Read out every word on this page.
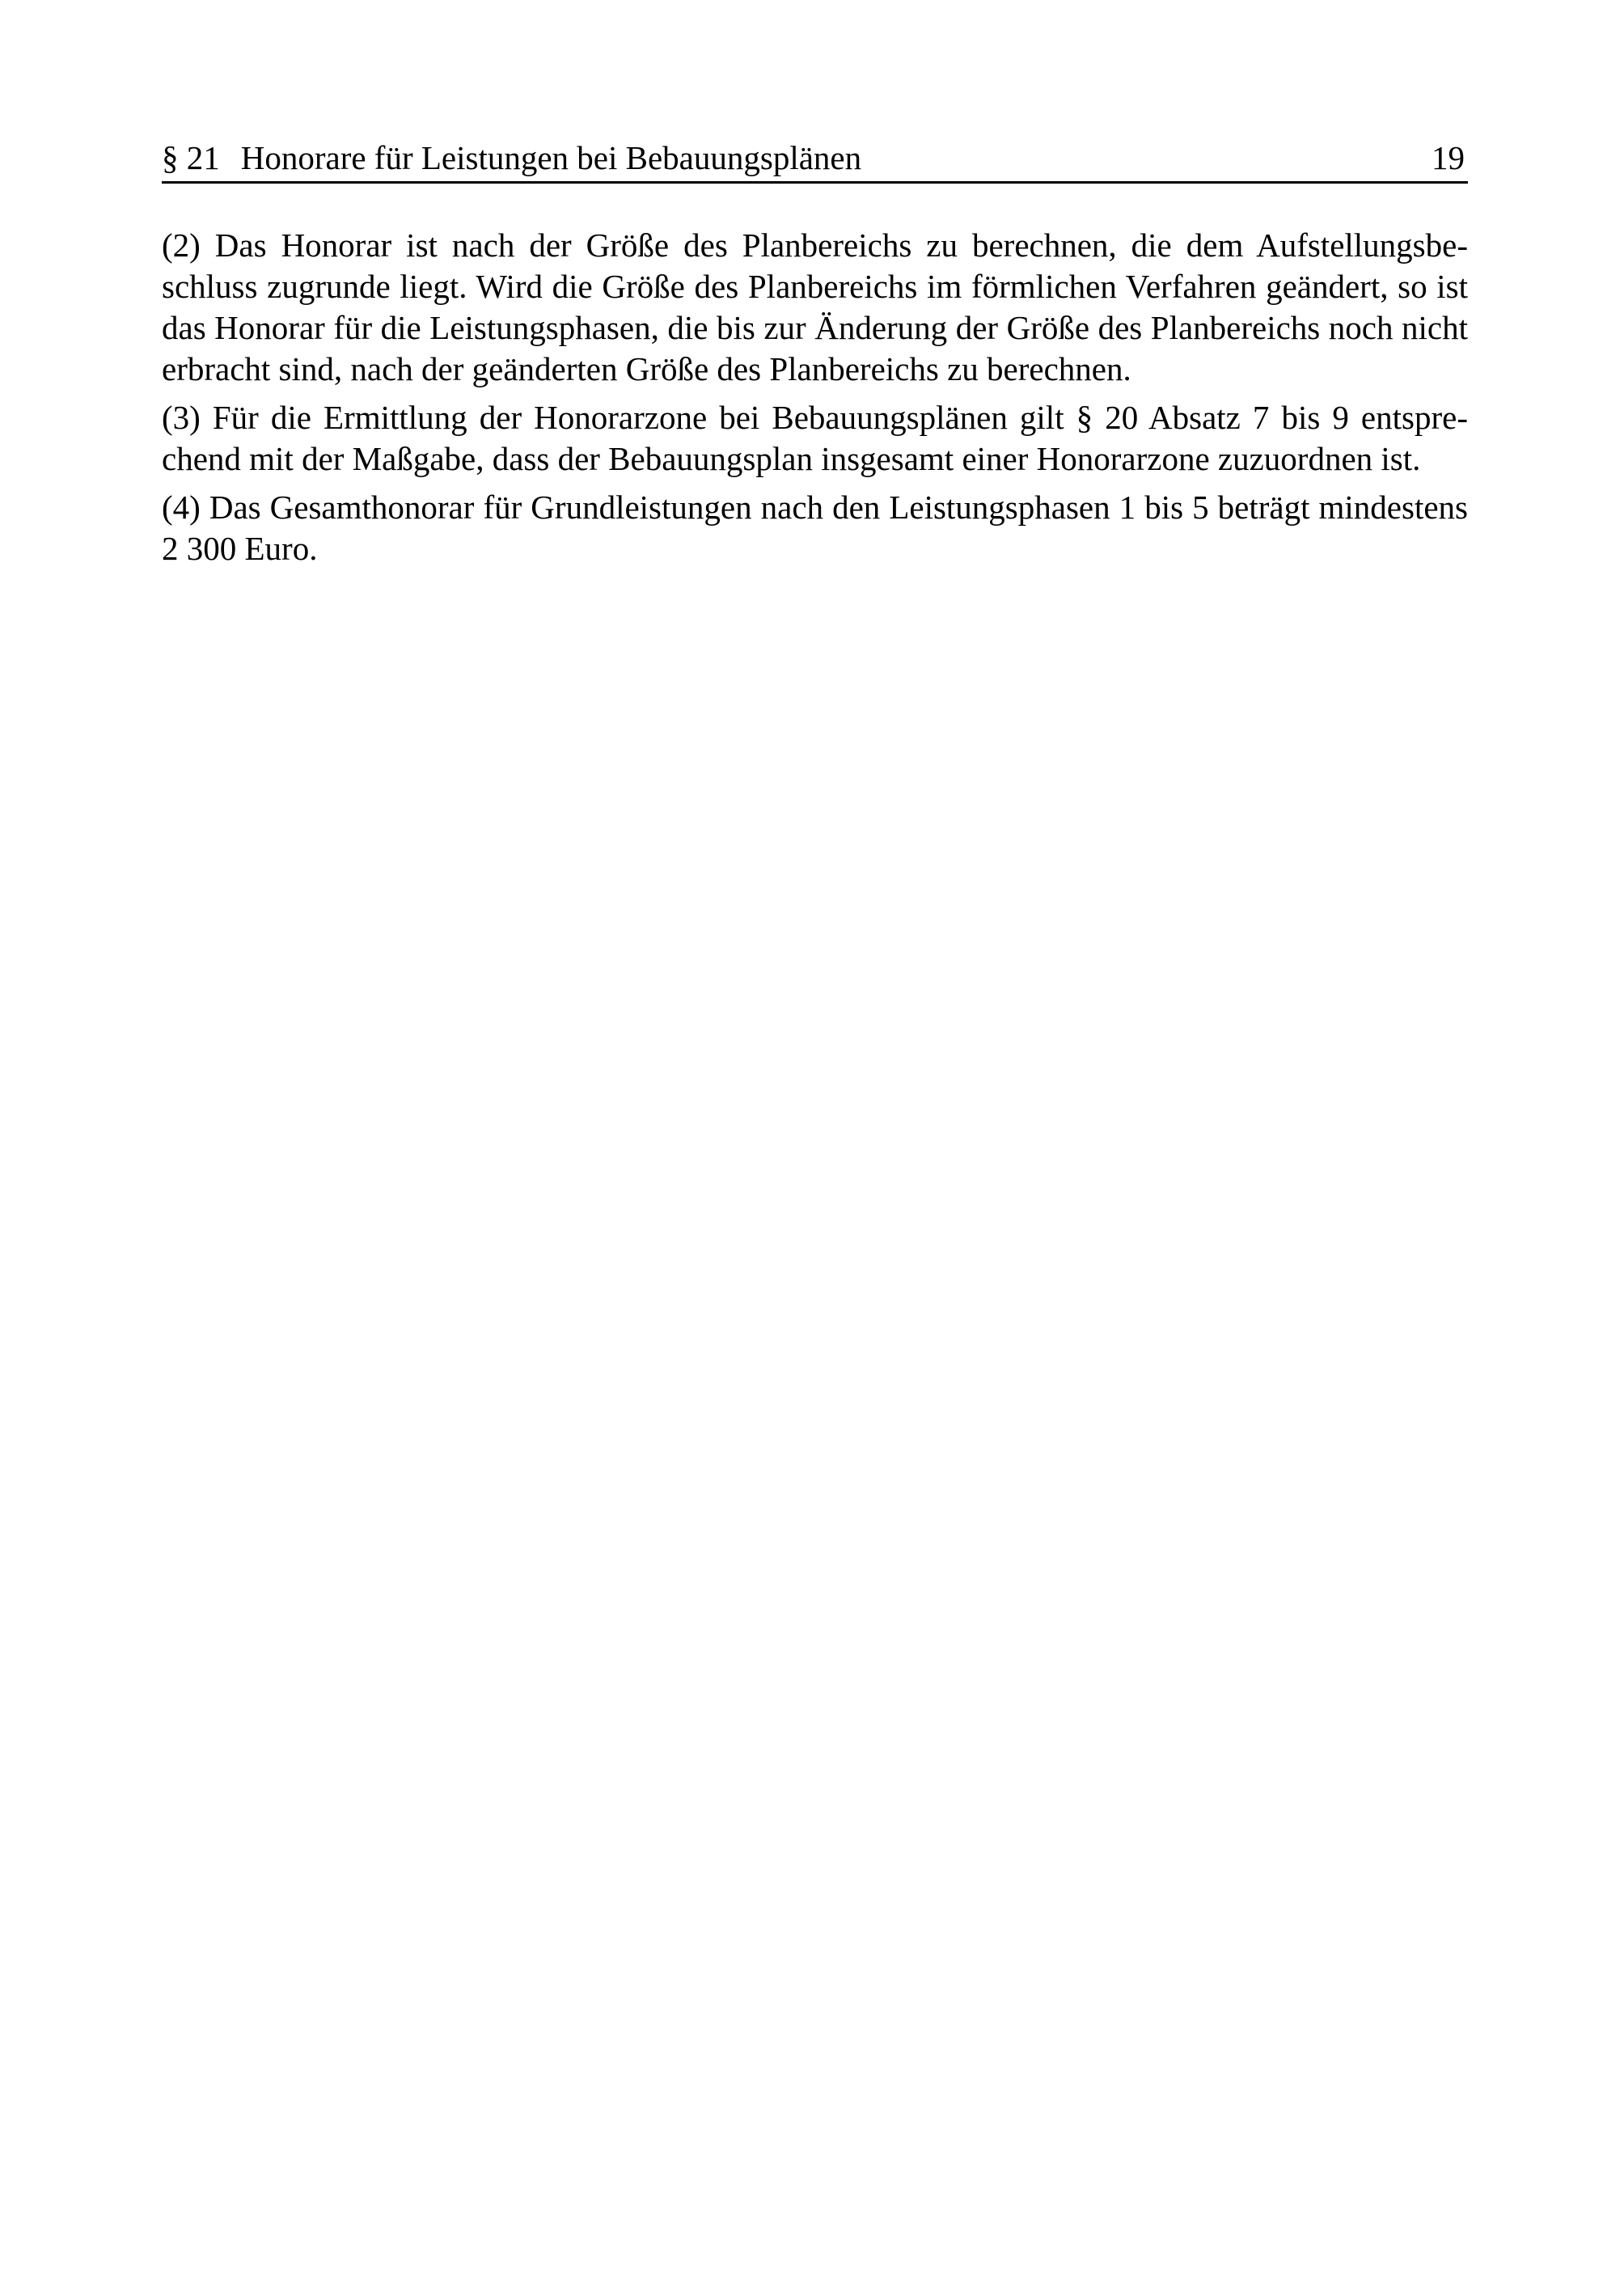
§ 21 Honorare für Leistungen bei Bebauungsplänen	19

(2) Das Honorar ist nach der Größe des Planbereichs zu berechnen, die dem Aufstellungsbeschluss zugrunde liegt. Wird die Größe des Planbereichs im förmlichen Verfahren geändert, so ist das Honorar für die Leistungsphasen, die bis zur Änderung der Größe des Planbereichs noch nicht erbracht sind, nach der geänderten Größe des Planbereichs zu berechnen.

(3) Für die Ermittlung der Honorarzone bei Bebauungsplänen gilt § 20 Absatz 7 bis 9 entsprechend mit der Maßgabe, dass der Bebauungsplan insgesamt einer Honorarzone zuzuordnen ist.

(4) Das Gesamthonorar für Grundleistungen nach den Leistungsphasen 1 bis 5 beträgt mindestens 2 300 Euro.
